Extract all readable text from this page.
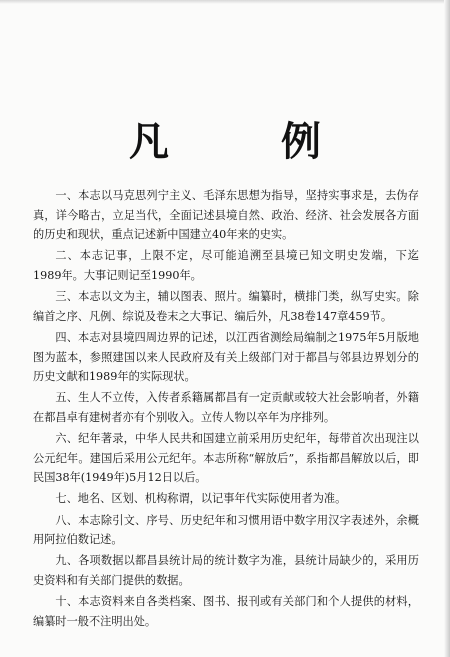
凡　例

一、本志以马克思列宁主义、毛泽东思想为指导，坚持实事求是，去伪存真，详今略古，立足当代，全面记述县境自然、政治、经济、社会发展各方面的历史和现状，重点记述新中国建立40年来的史实。

二、本志记事，上限不定，尽可能追溯至县境已知文明史发端，下迄1989年。大事记则记至1990年。

三、本志以文为主，辅以图表、照片。编纂时，横排门类，纵写史实。除编首之序、凡例、综说及卷末之大事记、编后外，凡38卷147章459节。

四、本志对县境四周边界的记述，以江西省测绘局编制之1975年5月版地图为蓝本，参照建国以来人民政府及有关上级部门对于都昌与邻县边界划分的历史文献和1989年的实际现状。

五、生人不立传，入传者系籍属都昌有一定贡献或较大社会影响者，外籍在都昌卓有建树者亦有个别收入。立传人物以卒年为序排列。

六、纪年著录，中华人民共和国建立前采用历史纪年，每带首次出现注以公元纪年。建国后采用公元纪年。本志所称“解放后”，系指都昌解放以后，即民国38年(1949年)5月12日以后。

七、地名、区划、机构称谓，以记事年代实际使用者为准。

八、本志除引文、序号、历史纪年和习惯用语中数字用汉字表述外，余概用阿拉伯数记述。

九、各项数据以都昌县统计局的统计数字为准，县统计局缺少的，采用历史资料和有关部门提供的数据。

十、本志资料来自各类档案、图书、报刊或有关部门和个人提供的材料，编纂时一般不注明出处。
